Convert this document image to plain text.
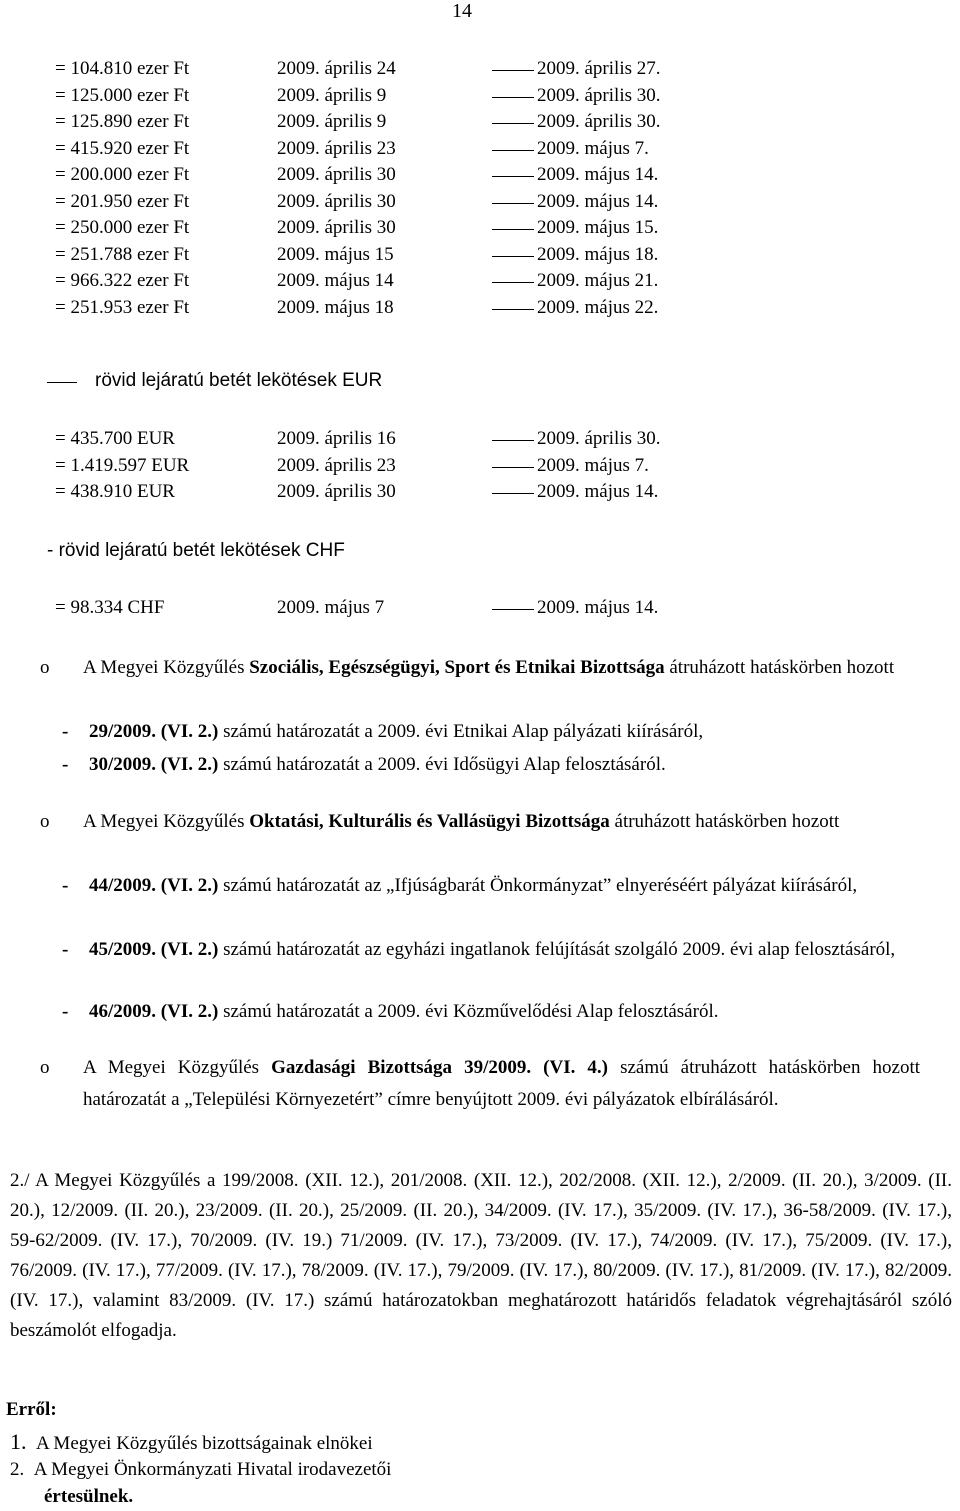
14
= 104.810 ezer Ft	2009. április 24	2009. április 27.
= 125.000 ezer Ft	2009. április 9	2009. április 30.
= 125.890 ezer Ft	2009. április 9	2009. április 30.
= 415.920 ezer Ft	2009. április 23	2009. május 7.
= 200.000 ezer Ft	2009. április 30	2009. május 14.
= 201.950 ezer Ft	2009. április 30	2009. május 14.
= 250.000 ezer Ft	2009. április 30	2009. május 15.
= 251.788 ezer Ft	2009. május 15	2009. május 18.
= 966.322 ezer Ft	2009. május 14	2009. május 21.
= 251.953 ezer Ft	2009. május 18	2009. május 22.
rövid lejáratú betét lekötések EUR
= 435.700 EUR	2009. április 16	2009. április 30.
= 1.419.597 EUR	2009. április 23	2009. május 7.
= 438.910 EUR	2009. április 30	2009. május 14.
- rövid lejáratú betét lekötések CHF
= 98.334 CHF	2009. május 7	2009. május 14.
o A Megyei Közgyűlés Szociális, Egészségügyi, Sport és Etnikai Bizottsága átruházott hatáskörben hozott
- 29/2009. (VI. 2.) számú határozatát a 2009. évi Etnikai Alap pályázati kiírásáról,
- 30/2009. (VI. 2.) számú határozatát a 2009. évi Idősügyi Alap felosztásáról.
o A Megyei Közgyűlés Oktatási, Kulturális és Vallásügyi Bizottsága átruházott hatáskörben hozott
- 44/2009. (VI. 2.) számú határozatát az „Ifjúságbarát Önkormányzat” elnyeréséért pályázat kiírásáról,
- 45/2009. (VI. 2.) számú határozatát az egyházi ingatlanok felújítását szolgáló 2009. évi alap felosztásáról,
- 46/2009. (VI. 2.) számú határozatát a 2009. évi Közművelődési Alap felosztásáról.
o A Megyei Közgyűlés Gazdasági Bizottsága 39/2009. (VI. 4.) számú átruházott hatáskörben hozott határozatát a „Települési Környezetért” címre benyújtott 2009. évi pályázatok elbírálásáról.
2./ A Megyei Közgyűlés a 199/2008. (XII. 12.), 201/2008. (XII. 12.), 202/2008. (XII. 12.), 2/2009. (II. 20.), 3/2009. (II. 20.), 12/2009. (II. 20.), 23/2009. (II. 20.), 25/2009. (II. 20.), 34/2009. (IV. 17.), 35/2009. (IV. 17.), 36-58/2009. (IV. 17.), 59-62/2009. (IV. 17.), 70/2009. (IV. 19.) 71/2009. (IV. 17.), 73/2009. (IV. 17.), 74/2009. (IV. 17.), 75/2009. (IV. 17.), 76/2009. (IV. 17.), 77/2009. (IV. 17.), 78/2009. (IV. 17.), 79/2009. (IV. 17.), 80/2009. (IV. 17.), 81/2009. (IV. 17.), 82/2009. (IV. 17.), valamint 83/2009. (IV. 17.) számú határozatokban meghatározott határidős feladatok végrehajtásáról szóló beszámolót elfogadja.
Erről:
1. A Megyei Közgyűlés bizottságainak elnökei
2. A Megyei Önkormányzati Hivatal irodavezetői
értesülnek.
